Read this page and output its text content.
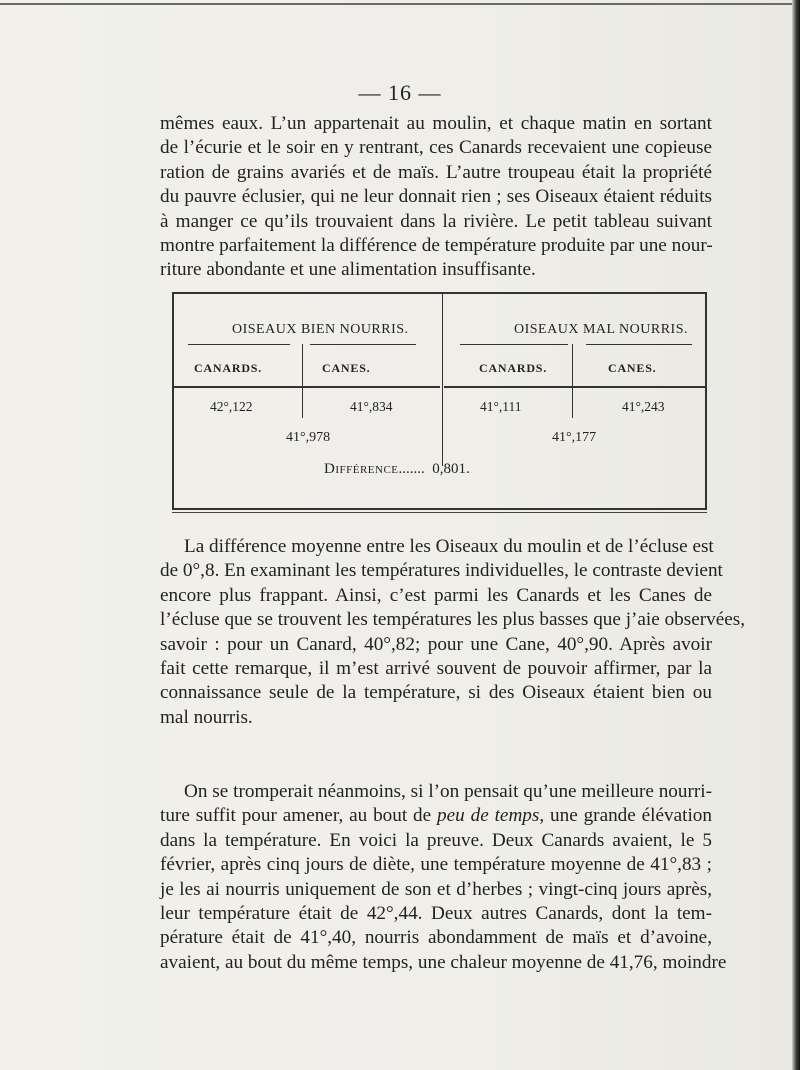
— 16 —
mêmes eaux. L’un appartenait au moulin, et chaque matin en sortant
de l’écurie et le soir en y rentrant, ces Canards recevaient une copieuse
ration de grains avariés et de maïs. L’autre troupeau était la propriété
du pauvre éclusier, qui ne leur donnait rien ; ses Oiseaux étaient réduits
à manger ce qu’ils trouvaient dans la rivière. Le petit tableau suivant
montre parfaitement la différence de température produite par une nour-
riture abondante et une alimentation insuffisante.
OISEAUX BIEN NOURRIS.	OISEAUX MAL NOURRIS.
CANARDS.	CANES.	CANARDS.	CANES.
42°,122	41°,834	41°,111	41°,243
41°,978	41°,177
Différence....... 0,801.
La différence moyenne entre les Oiseaux du moulin et de l’écluse est
de 0°,8. En examinant les températures individuelles, le contraste devient
encore plus frappant. Ainsi, c’est parmi les Canards et les Canes de
l’écluse que se trouvent les températures les plus basses que j’aie observées,
savoir : pour un Canard, 40°,82; pour une Cane, 40°,90. Après avoir
fait cette remarque, il m’est arrivé souvent de pouvoir affirmer, par la
connaissance seule de la température, si des Oiseaux étaient bien ou
mal nourris.
On se tromperait néanmoins, si l’on pensait qu’une meilleure nourri-
ture suffit pour amener, au bout de peu de temps, une grande élévation
dans la température. En voici la preuve. Deux Canards avaient, le 5
février, après cinq jours de diète, une température moyenne de 41°,83 ;
je les ai nourris uniquement de son et d’herbes ; vingt-cinq jours après,
leur température était de 42°,44. Deux autres Canards, dont la tem-
pérature était de 41°,40, nourris abondamment de maïs et d’avoine,
avaient, au bout du même temps, une chaleur moyenne de 41,76, moindre
